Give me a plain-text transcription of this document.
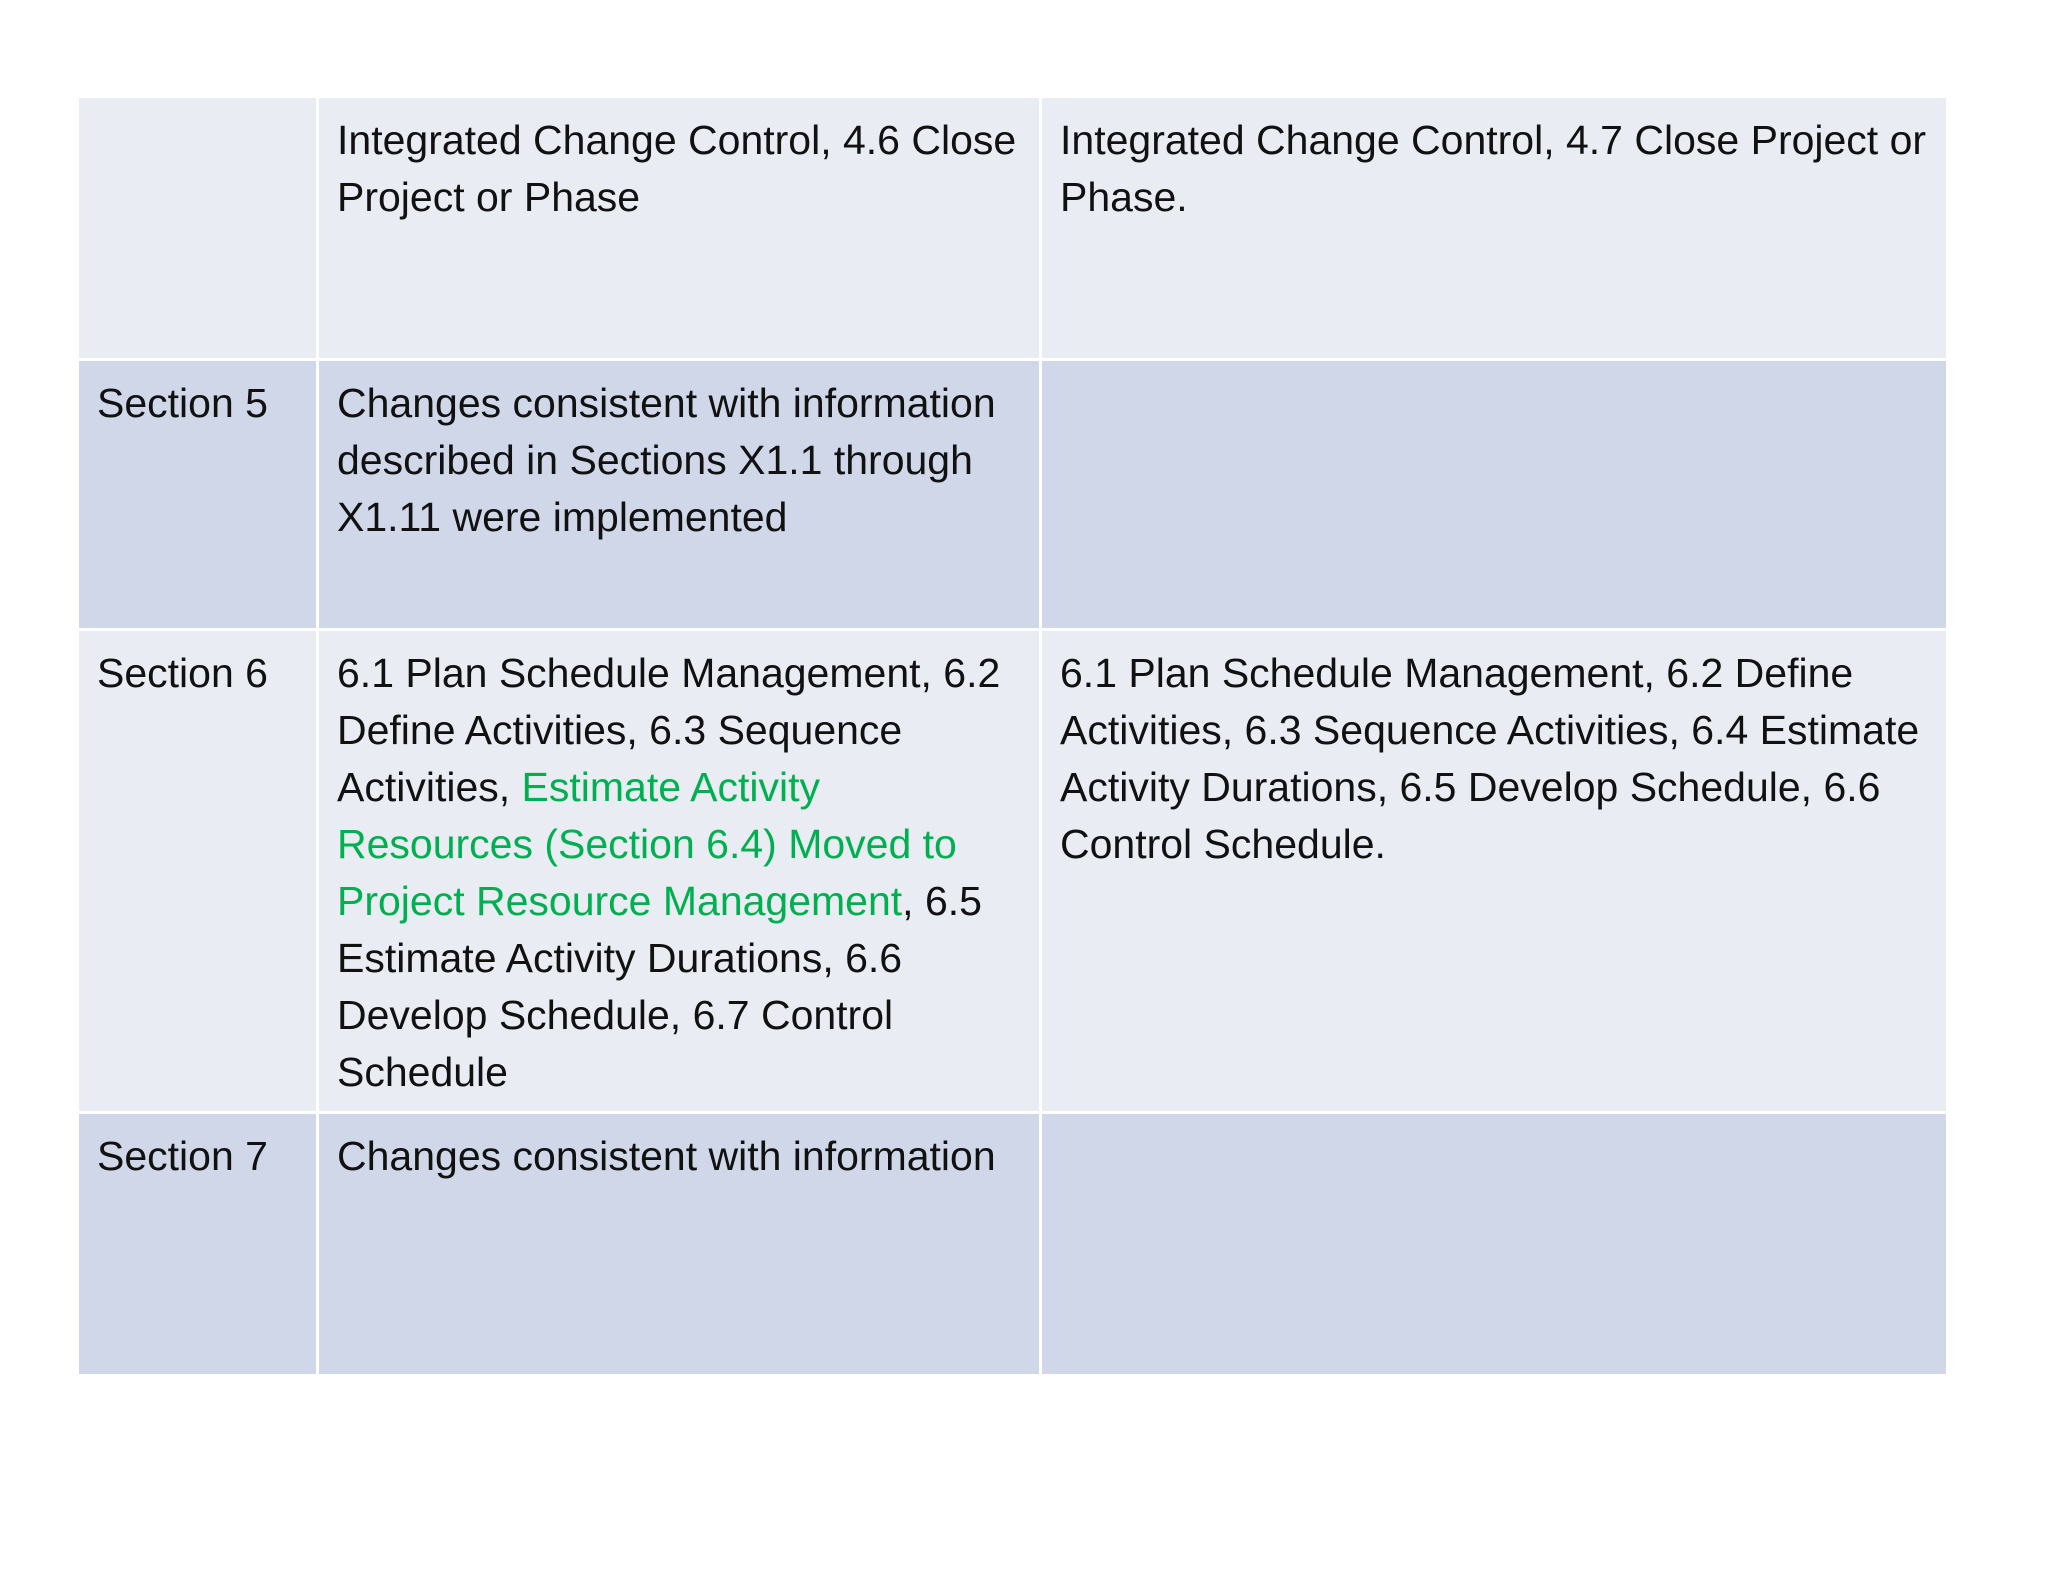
	Integrated Change Control, 4.6 Close Project or Phase	Integrated Change Control, 4.7 Close Project or Phase.
Section 5	Changes consistent with information described in Sections X1.1 through X1.11 were implemented	
Section 6	6.1 Plan Schedule Management, 6.2 Define Activities, 6.3 Sequence Activities, Estimate Activity Resources (Section 6.4) Moved to Project Resource Management, 6.5 Estimate Activity Durations, 6.6 Develop Schedule, 6.7 Control Schedule	6.1 Plan Schedule Management, 6.2 Define Activities, 6.3 Sequence Activities, 6.4 Estimate Activity Durations, 6.5 Develop Schedule, 6.6 Control Schedule.
Section 7	Changes consistent with information	
